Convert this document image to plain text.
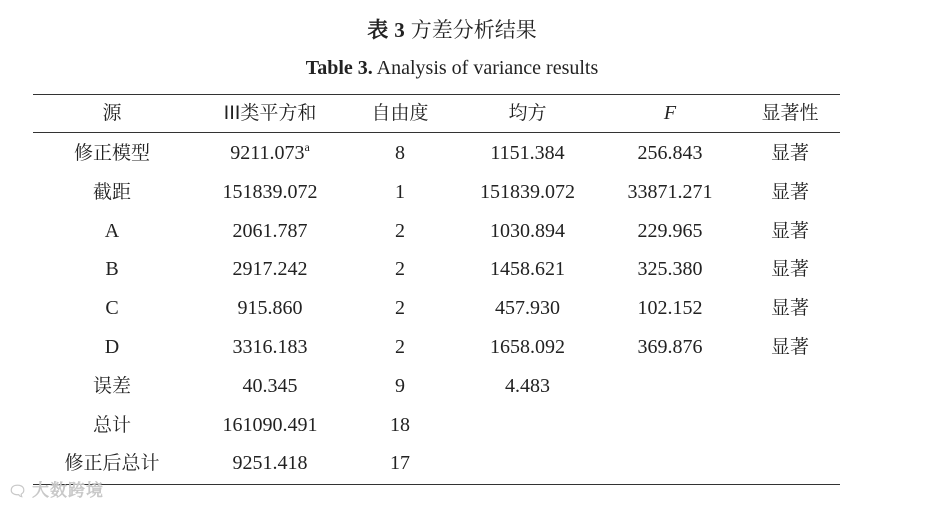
表 3 方差分析结果
Table 3. Analysis of variance results
源	III类平方和	自由度	均方	F	显著性
修正模型	9211.073$^a$	8	1151.384	256.843	显著
截距	151839.072	1	151839.072	33871.271	显著
A	2061.787	2	1030.894	229.965	显著
B	2917.242	2	1458.621	325.380	显著
C	915.860	2	457.930	102.152	显著
D	3316.183	2	1658.092	369.876	显著
误差	40.345	9	4.483
总计	161090.491	18
修正后总计	9251.418	17
🗨 大数跨境
